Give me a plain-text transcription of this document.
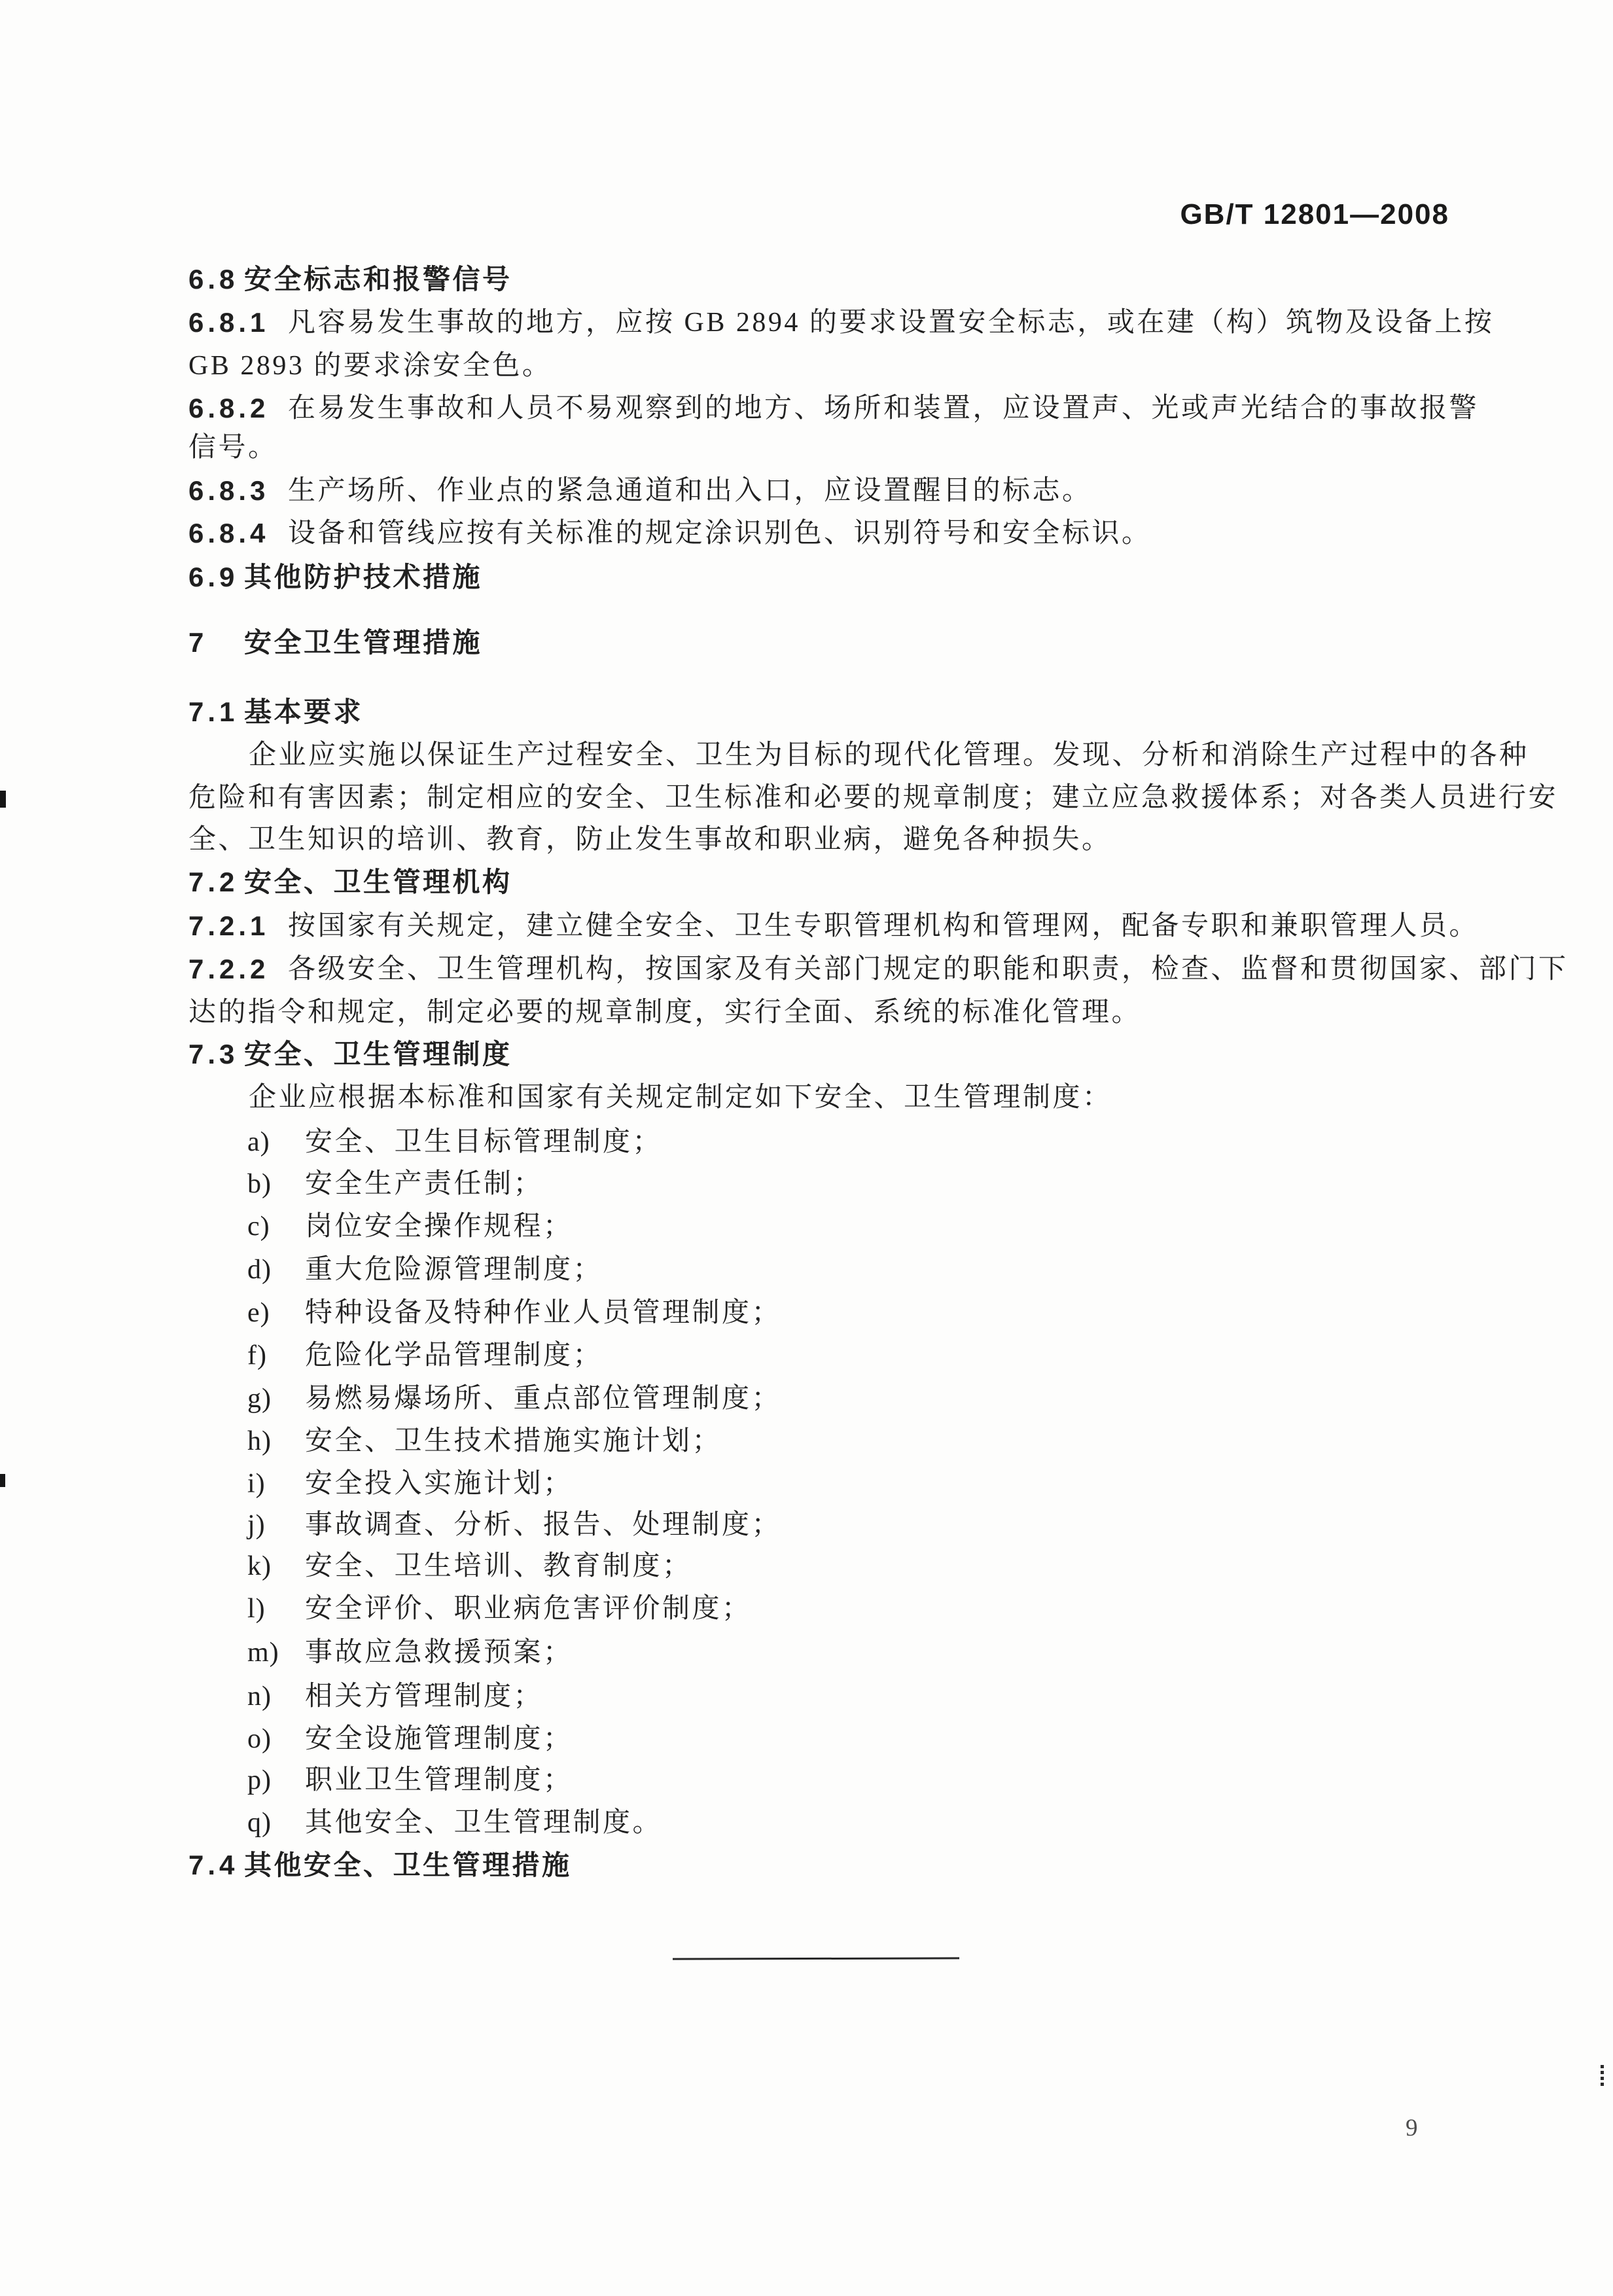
GB/T 12801—2008
6.8 安全标志和报警信号
6.8.1 凡容易发生事故的地方，应按 GB 2894 的要求设置安全标志，或在建（构）筑物及设备上按
GB 2893 的要求涂安全色。
6.8.2 在易发生事故和人员不易观察到的地方、场所和装置，应设置声、光或声光结合的事故报警
信号。
6.8.3 生产场所、作业点的紧急通道和出入口，应设置醒目的标志。
6.8.4 设备和管线应按有关标准的规定涂识别色、识别符号和安全标识。
6.9 其他防护技术措施
7 安全卫生管理措施
7.1 基本要求
企业应实施以保证生产过程安全、卫生为目标的现代化管理。发现、分析和消除生产过程中的各种
危险和有害因素；制定相应的安全、卫生标准和必要的规章制度；建立应急救援体系；对各类人员进行安
全、卫生知识的培训、教育，防止发生事故和职业病，避免各种损失。
7.2 安全、卫生管理机构
7.2.1 按国家有关规定，建立健全安全、卫生专职管理机构和管理网，配备专职和兼职管理人员。
7.2.2 各级安全、卫生管理机构，按国家及有关部门规定的职能和职责，检查、监督和贯彻国家、部门下
达的指令和规定，制定必要的规章制度，实行全面、系统的标准化管理。
7.3 安全、卫生管理制度
企业应根据本标准和国家有关规定制定如下安全、卫生管理制度：
a) 安全、卫生目标管理制度；
b) 安全生产责任制；
c) 岗位安全操作规程；
d) 重大危险源管理制度；
e) 特种设备及特种作业人员管理制度；
f) 危险化学品管理制度；
g) 易燃易爆场所、重点部位管理制度；
h) 安全、卫生技术措施实施计划；
i) 安全投入实施计划；
j) 事故调查、分析、报告、处理制度；
k) 安全、卫生培训、教育制度；
l) 安全评价、职业病危害评价制度；
m) 事故应急救援预案；
n) 相关方管理制度；
o) 安全设施管理制度；
p) 职业卫生管理制度；
q) 其他安全、卫生管理制度。
7.4 其他安全、卫生管理措施
9
